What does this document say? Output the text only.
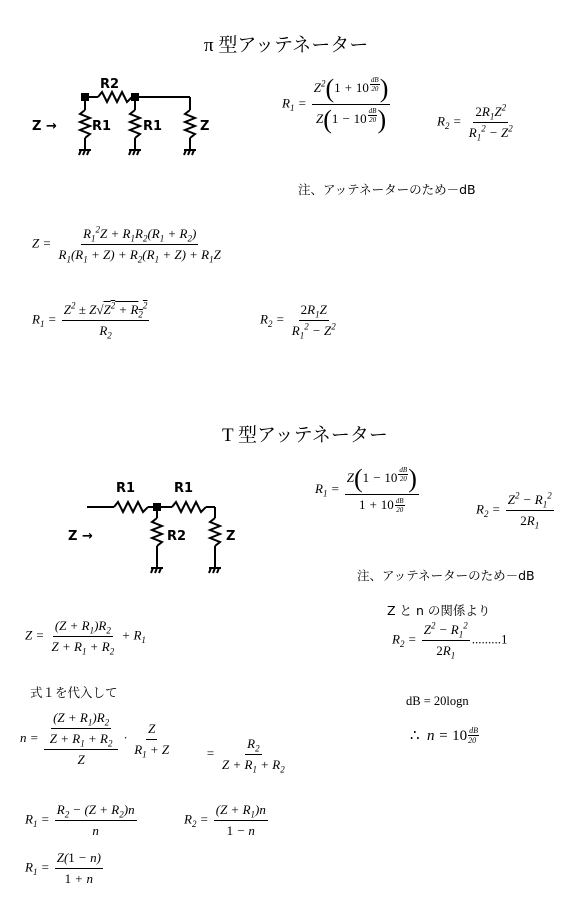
π 型アッテネーター
R2
R1 R1
Z →	Z
$R_1 = \frac{Z^2(1 + 10 \frac{dB}{20} )}{Z(1 - 10 \frac{dB}{20} )}$	$R_2 = \frac{2R_1Z^2}{R_1^2 - Z^2}$
注、アッテネーターのため－dB
$Z = \frac{R_1^2Z + R_1R_2(R_1 + R_2)}{R_1(R_1 + Z) + R_2(R_1 + Z) + R_1Z}$
$R_1 = \frac{Z^2 \pm Z√Z^2 + R_2^2}{R_2}$	$R_2 = \frac{2R_1Z}{R_1^2 - Z^2}$
T 型アッテネーター
R1	R1
R2
Z →	Z
$R_1 = \frac{Z(1 - 10 \frac{dB}{20} )}{1 + 10 \frac{dB}{20}}$	$R_2 = \frac{Z^2 - R_1^2}{2R_1}$
注、アッテネーターのため－dB
Z と n の関係より
$Z = \frac{(Z + R_1)R_2}{Z + R_1 + R_2} + R_1$	$R_2 = \frac{Z^2 - R_1^2}{2R_1} .........1$
式１を代入して
dB = 20logn
$n = \frac{\frac{(Z + R_1)R_2}{Z + R_1 + R_2}}{Z} \cdot \frac{Z}{R_1 + Z}$	= $\frac{R_2}{Z + R_1 + R_2}$	∴  $n = 10 \frac{dB}{20}$
$R_1 = \frac{R_2 - (Z + R_2)n}{n}$	$R_2 = \frac{(Z + R_1)n}{1 - n}$
$R_1 = \frac{Z(1 - n)}{1 + n}$
